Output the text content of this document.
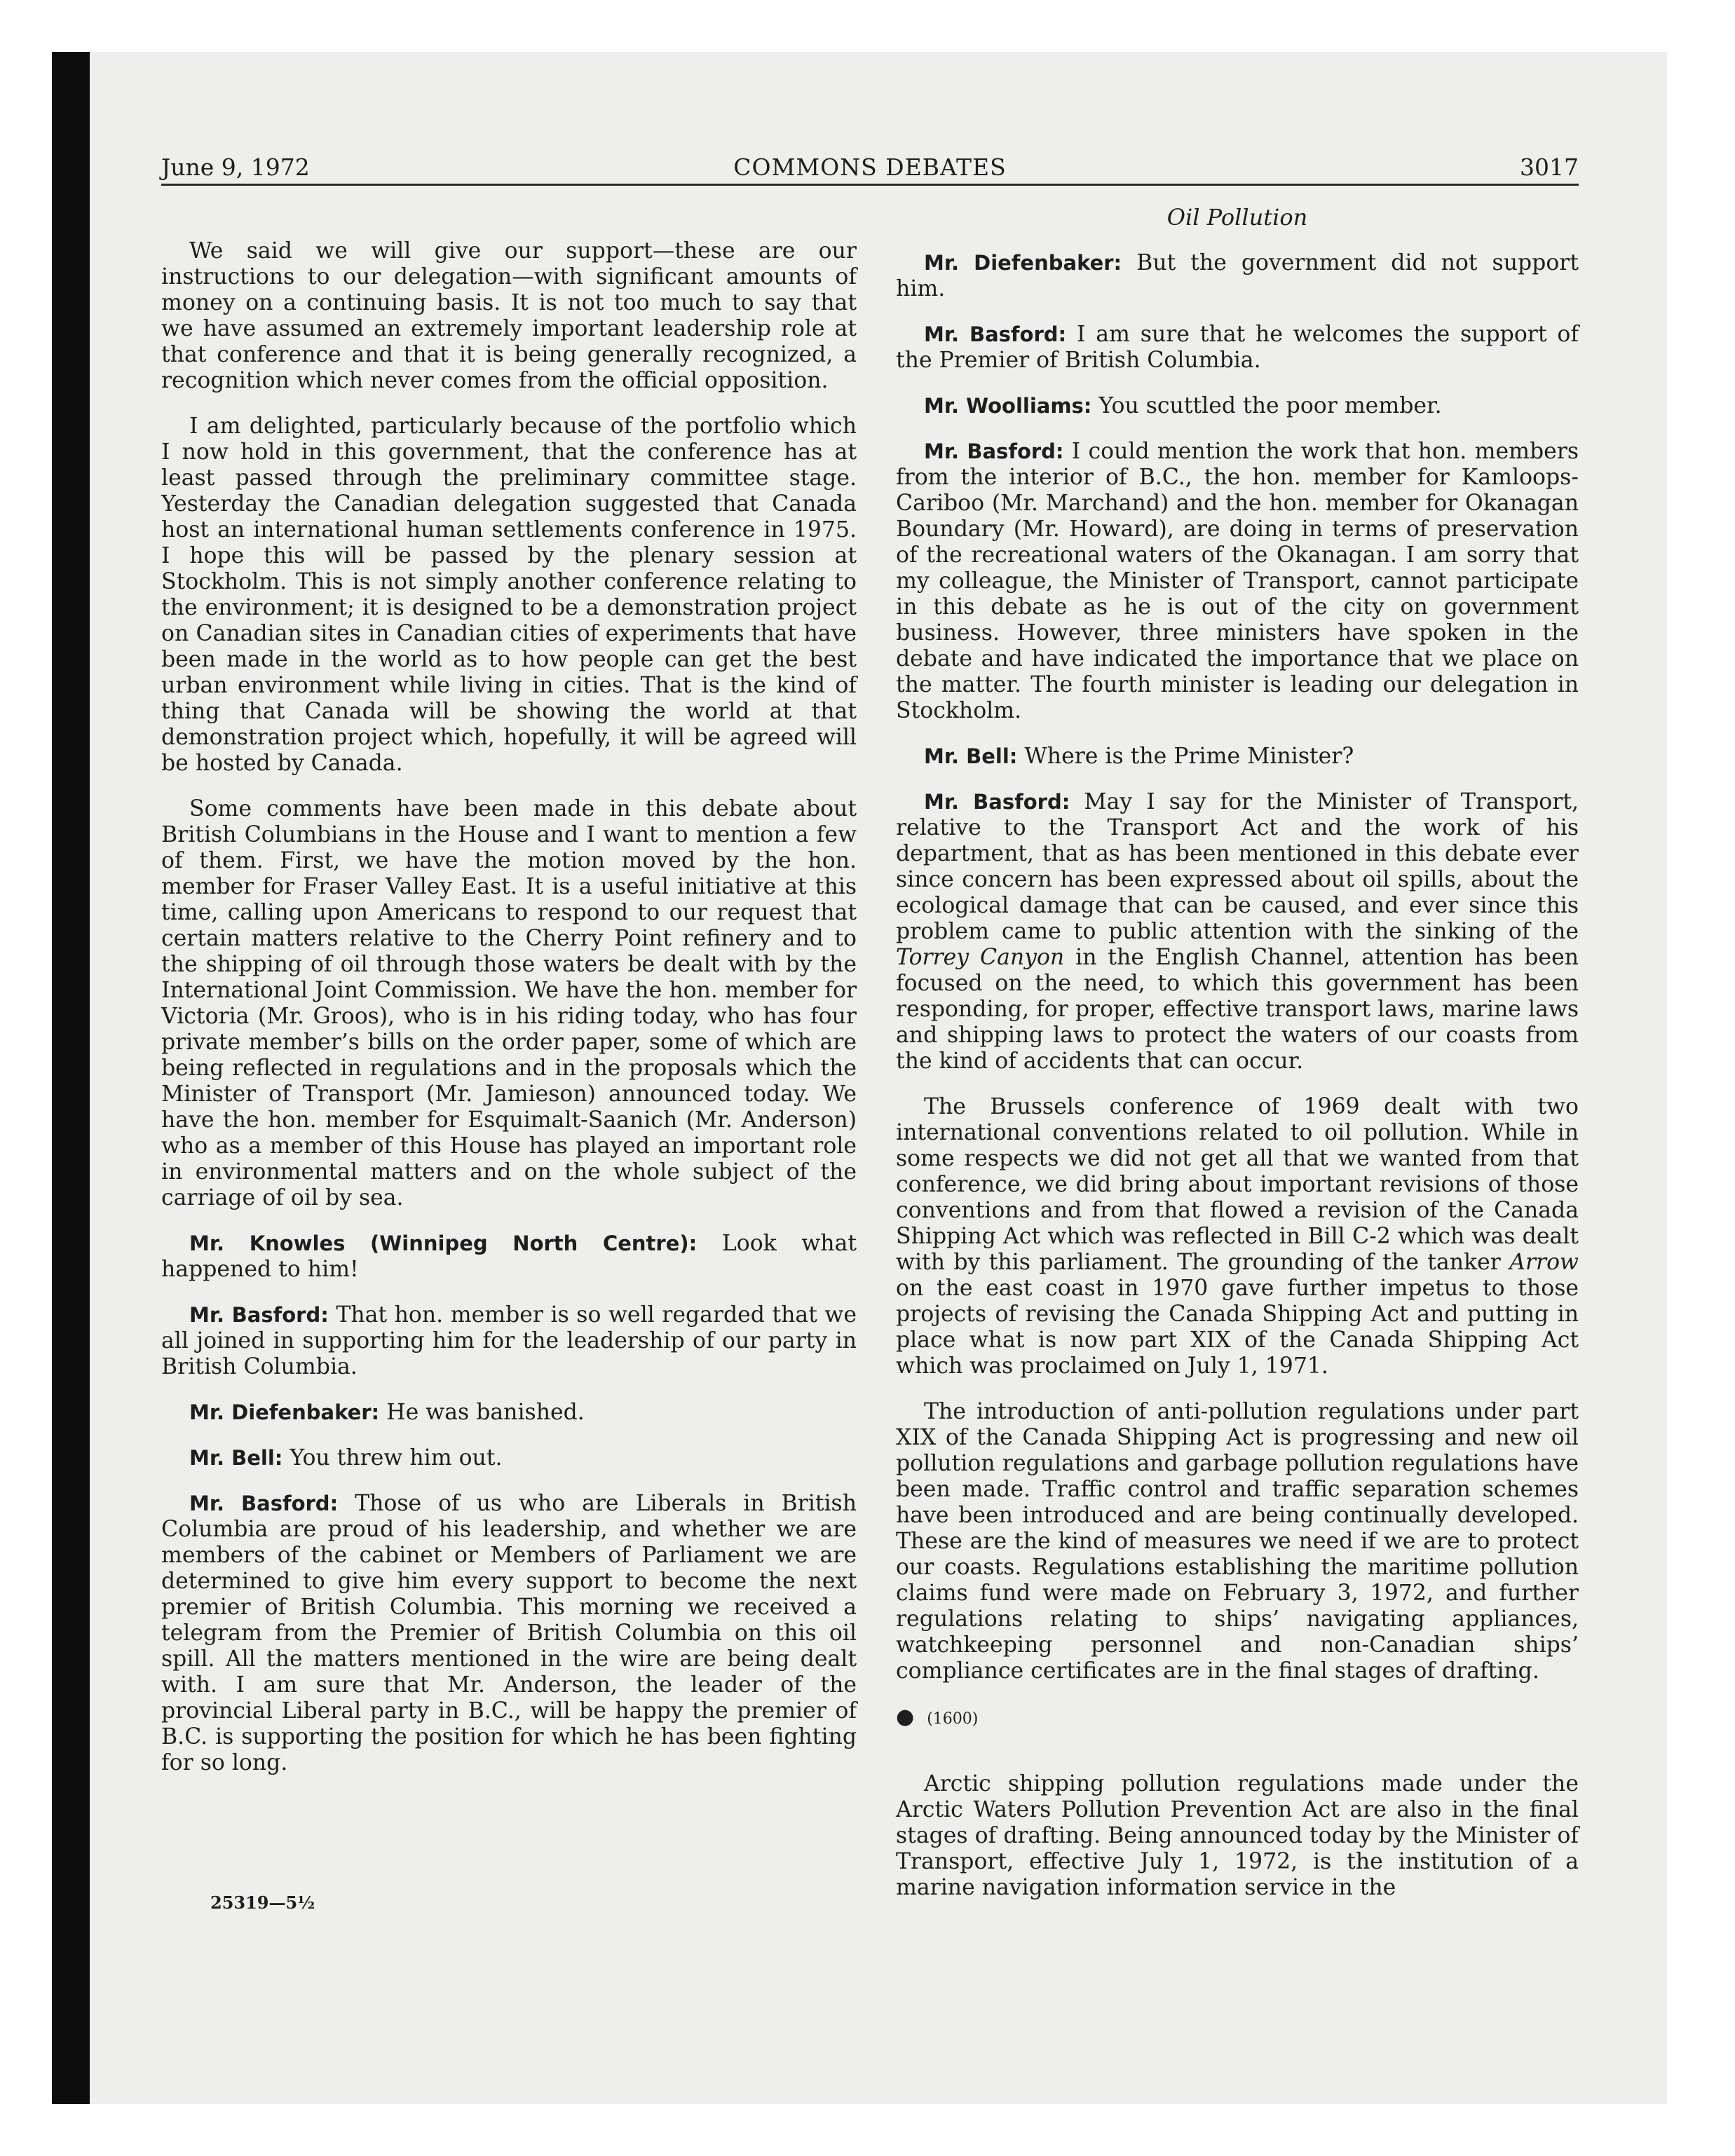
June 9, 1972	COMMONS DEBATES	3017

We said we will give our support—these are our instructions to our delegation—with significant amounts of money on a continuing basis. It is not too much to say that we have assumed an extremely important leadership role at that conference and that it is being generally recognized, a recognition which never comes from the official opposition.

I am delighted, particularly because of the portfolio which I now hold in this government, that the conference has at least passed through the preliminary committee stage. Yesterday the Canadian delegation suggested that Canada host an international human settlements conference in 1975. I hope this will be passed by the plenary session at Stockholm. This is not simply another conference relating to the environment; it is designed to be a demonstration project on Canadian sites in Canadian cities of experiments that have been made in the world as to how people can get the best urban environment while living in cities. That is the kind of thing that Canada will be showing the world at that demonstration project which, hopefully, it will be agreed will be hosted by Canada.

Some comments have been made in this debate about British Columbians in the House and I want to mention a few of them. First, we have the motion moved by the hon. member for Fraser Valley East. It is a useful initiative at this time, calling upon Americans to respond to our request that certain matters relative to the Cherry Point refinery and to the shipping of oil through those waters be dealt with by the International Joint Commission. We have the hon. member for Victoria (Mr. Groos), who is in his riding today, who has four private member’s bills on the order paper, some of which are being reflected in regulations and in the proposals which the Minister of Transport (Mr. Jamieson) announced today. We have the hon. member for Esquimalt-Saanich (Mr. Anderson) who as a member of this House has played an important role in environmental matters and on the whole subject of the carriage of oil by sea.

Mr. Knowles (Winnipeg North Centre): Look what happened to him!

Mr. Basford: That hon. member is so well regarded that we all joined in supporting him for the leadership of our party in British Columbia.

Mr. Diefenbaker: He was banished.

Mr. Bell: You threw him out.

Mr. Basford: Those of us who are Liberals in British Columbia are proud of his leadership, and whether we are members of the cabinet or Members of Parliament we are determined to give him every support to become the next premier of British Columbia. This morning we received a telegram from the Premier of British Columbia on this oil spill. All the matters mentioned in the wire are being dealt with. I am sure that Mr. Anderson, the leader of the provincial Liberal party in B.C., will be happy the premier of B.C. is supporting the position for which he has been fighting for so long.

25319—5½

Oil Pollution

Mr. Diefenbaker: But the government did not support him.

Mr. Basford: I am sure that he welcomes the support of the Premier of British Columbia.

Mr. Woolliams: You scuttled the poor member.

Mr. Basford: I could mention the work that hon. members from the interior of B.C., the hon. member for Kamloops-Cariboo (Mr. Marchand) and the hon. member for Okanagan Boundary (Mr. Howard), are doing in terms of preservation of the recreational waters of the Okanagan. I am sorry that my colleague, the Minister of Transport, cannot participate in this debate as he is out of the city on government business. However, three ministers have spoken in the debate and have indicated the importance that we place on the matter. The fourth minister is leading our delegation in Stockholm.

Mr. Bell: Where is the Prime Minister?

Mr. Basford: May I say for the Minister of Transport, relative to the Transport Act and the work of his department, that as has been mentioned in this debate ever since concern has been expressed about oil spills, about the ecological damage that can be caused, and ever since this problem came to public attention with the sinking of the Torrey Canyon in the English Channel, attention has been focused on the need, to which this government has been responding, for proper, effective transport laws, marine laws and shipping laws to protect the waters of our coasts from the kind of accidents that can occur.

The Brussels conference of 1969 dealt with two international conventions related to oil pollution. While in some respects we did not get all that we wanted from that conference, we did bring about important revisions of those conventions and from that flowed a revision of the Canada Shipping Act which was reflected in Bill C-2 which was dealt with by this parliament. The grounding of the tanker Arrow on the east coast in 1970 gave further impetus to those projects of revising the Canada Shipping Act and putting in place what is now part XIX of the Canada Shipping Act which was proclaimed on July 1, 1971.

The introduction of anti-pollution regulations under part XIX of the Canada Shipping Act is progressing and new oil pollution regulations and garbage pollution regulations have been made. Traffic control and traffic separation schemes have been introduced and are being continually developed. These are the kind of measures we need if we are to protect our coasts. Regulations establishing the maritime pollution claims fund were made on February 3, 1972, and further regulations relating to ships’ navigating appliances, watchkeeping personnel and non-Canadian ships’ compliance certificates are in the final stages of drafting.

● (1600)

Arctic shipping pollution regulations made under the Arctic Waters Pollution Prevention Act are also in the final stages of drafting. Being announced today by the Minister of Transport, effective July 1, 1972, is the institution of a marine navigation information service in the
